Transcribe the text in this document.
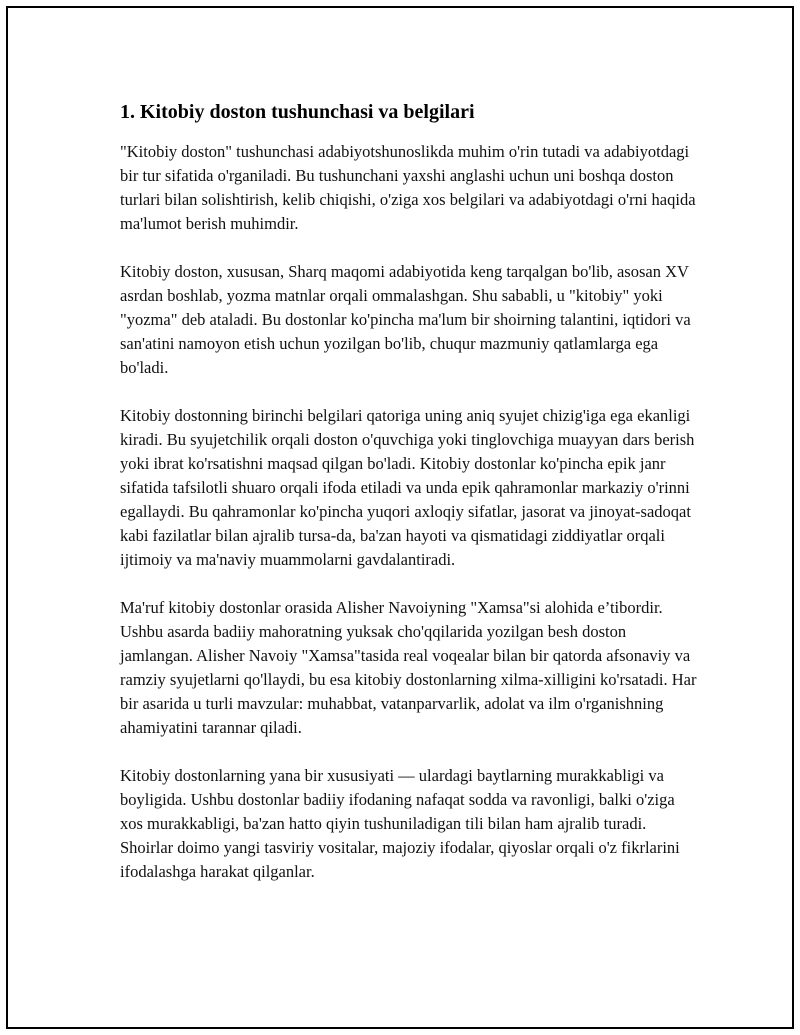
1. Kitobiy doston tushunchasi va belgilari

"Kitobiy doston" tushunchasi adabiyotshunoslikda muhim o'rin tutadi va adabiyotdagi bir tur sifatida o'rganiladi. Bu tushunchani yaxshi anglashi uchun uni boshqa doston turlari bilan solishtirish, kelib chiqishi, o'ziga xos belgilari va adabiyotdagi o'rni haqida ma'lumot berish muhimdir.

Kitobiy doston, xususan, Sharq maqomi adabiyotida keng tarqalgan bo'lib, asosan XV asrdan boshlab, yozma matnlar orqali ommalashgan. Shu sababli, u "kitobiy" yoki "yozma" deb ataladi. Bu dostonlar ko'pincha ma'lum bir shoirning talantini, iqtidori va san'atini namoyon etish uchun yozilgan bo'lib, chuqur mazmuniy qatlamlarga ega bo'ladi.

Kitobiy dostonning birinchi belgilari qatoriga uning aniq syujet chizig'iga ega ekanligi kiradi. Bu syujetchilik orqali doston o'quvchiga yoki tinglovchiga muayyan dars berish yoki ibrat ko'rsatishni maqsad qilgan bo'ladi. Kitobiy dostonlar ko'pincha epik janr sifatida tafsilotli shuaro orqali ifoda etiladi va unda epik qahramonlar markaziy o'rinni egallaydi. Bu qahramonlar ko'pincha yuqori axloqiy sifatlar, jasorat va jinoyat-sadoqat kabi fazilatlar bilan ajralib tursa-da, ba'zan hayoti va qismatidagi ziddiyatlar orqali ijtimoiy va ma'naviy muammolarni gavdalantiradi.

Ma'ruf kitobiy dostonlar orasida Alisher Navoiyning "Xamsa"si alohida e’tibordir. Ushbu asarda badiiy mahoratning yuksak cho'qqilarida yozilgan besh doston jamlangan. Alisher Navoiy "Xamsa"tasida real voqealar bilan bir qatorda afsonaviy va ramziy syujetlarni qo'llaydi, bu esa kitobiy dostonlarning xilma-xilligini ko'rsatadi. Har bir asarida u turli mavzular: muhabbat, vatanparvarlik, adolat va ilm o'rganishning ahamiyatini tarannar qiladi.

Kitobiy dostonlarning yana bir xususiyati — ulardagi baytlarning murakkabligi va boyligida. Ushbu dostonlar badiiy ifodaning nafaqat sodda va ravonligi, balki o'ziga xos murakkabligi, ba'zan hatto qiyin tushuniladigan tili bilan ham ajralib turadi. Shoirlar doimo yangi tasviriy vositalar, majoziy ifodalar, qiyoslar orqali o'z fikrlarini ifodalashga harakat qilganlar.
